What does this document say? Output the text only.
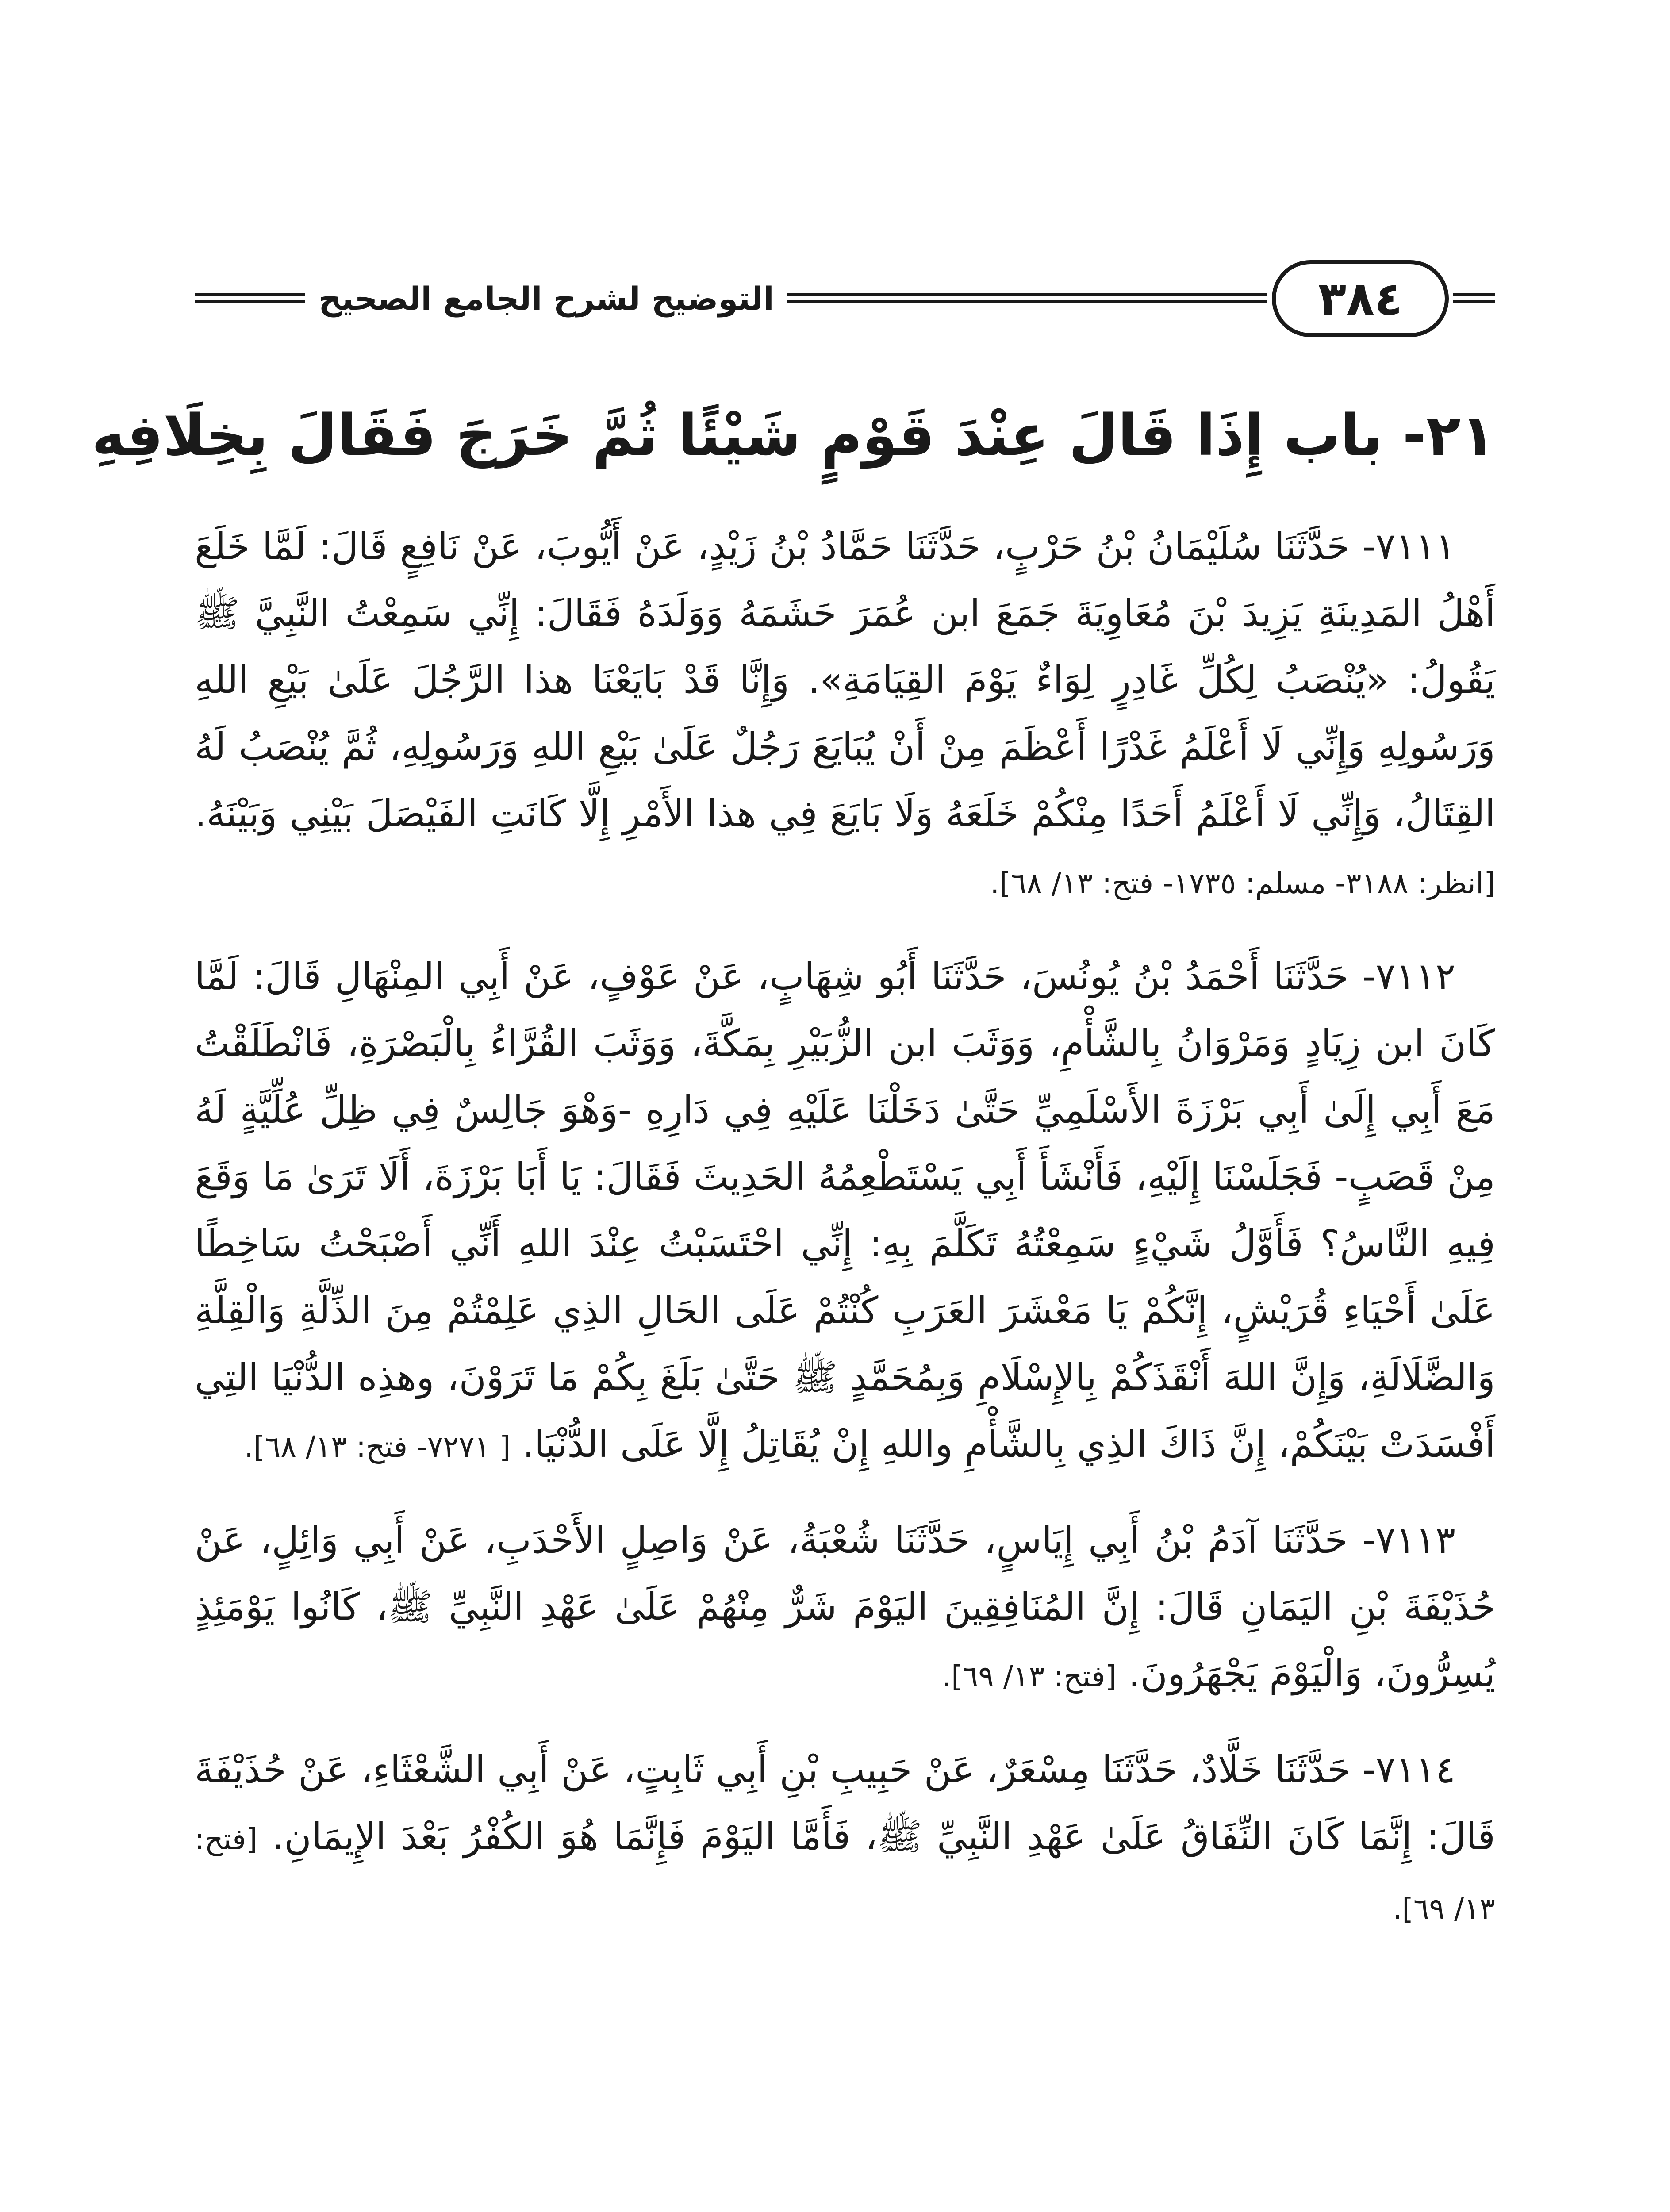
التوضيح لشرح الجامع الصحيح	٣٨٤
٢١- باب إِذَا قَالَ عِنْدَ قَوْمٍ شَيْئًا ثُمَّ خَرَجَ فَقَالَ بِخِلَافِهِ

٧١١١- حَدَّثَنَا سُلَيْمَانُ بْنُ حَرْبٍ، حَدَّثَنَا حَمَّادُ بْنُ زَيْدٍ، عَنْ أَيُّوبَ، عَنْ نَافِعٍ قَالَ: لَمَّا خَلَعَ أَهْلُ المَدِينَةِ يَزِيدَ بْنَ مُعَاوِيَةَ جَمَعَ ابن عُمَرَ حَشَمَهُ وَوَلَدَهُ فَقَالَ: إِنِّي سَمِعْتُ النَّبِيَّ ﷺ يَقُولُ: «يُنْصَبُ لِكُلِّ غَادِرٍ لِوَاءٌ يَوْمَ القِيَامَةِ». وَإِنَّا قَدْ بَايَعْنَا هذا الرَّجُلَ عَلَىٰ بَيْعِ اللهِ وَرَسُولِهِ وَإِنِّي لَا أَعْلَمُ غَدْرًا أَعْظَمَ مِنْ أَنْ يُبَايَعَ رَجُلٌ عَلَىٰ بَيْعِ اللهِ وَرَسُولِهِ، ثُمَّ يُنْصَبُ لَهُ القِتَالُ، وَإِنِّي لَا أَعْلَمُ أَحَدًا مِنْكُمْ خَلَعَهُ وَلَا بَايَعَ فِي هذا الأَمْرِ إِلَّا كَانَتِ الفَيْصَلَ بَيْنِي وَبَيْنَهُ. [انظر: ٣١٨٨- مسلم: ١٧٣٥- فتح: ١٣/ ٦٨].

٧١١٢- حَدَّثَنَا أَحْمَدُ بْنُ يُونُسَ، حَدَّثَنَا أَبُو شِهَابٍ، عَنْ عَوْفٍ، عَنْ أَبِي المِنْهَالِ قَالَ: لَمَّا كَانَ ابن زِيَادٍ وَمَرْوَانُ بِالشَّأْمِ، وَوَثَبَ ابن الزُّبَيْرِ بِمَكَّةَ، وَوَثَبَ القُرَّاءُ بِالْبَصْرَةِ، فَانْطَلَقْتُ مَعَ أَبِي إِلَىٰ أَبِي بَرْزَةَ الأَسْلَمِيِّ حَتَّىٰ دَخَلْنَا عَلَيْهِ فِي دَارِهِ -وَهْوَ جَالِسٌ فِي ظِلِّ عُلِّيَّةٍ لَهُ مِنْ قَصَبٍ- فَجَلَسْنَا إِلَيْهِ، فَأَنْشَأَ أَبِي يَسْتَطْعِمُهُ الحَدِيثَ فَقَالَ: يَا أَبَا بَرْزَةَ، أَلَا تَرَىٰ مَا وَقَعَ فِيهِ النَّاسُ؟ فَأَوَّلُ شَيْءٍ سَمِعْتُهُ تَكَلَّمَ بِهِ: إِنِّي احْتَسَبْتُ عِنْدَ اللهِ أَنِّي أَصْبَحْتُ سَاخِطًا عَلَىٰ أَحْيَاءِ قُرَيْشٍ، إِنَّكُمْ يَا مَعْشَرَ العَرَبِ كُنْتُمْ عَلَى الحَالِ الذِي عَلِمْتُمْ مِنَ الذِّلَّةِ وَالْقِلَّةِ وَالضَّلَالَةِ، وَإِنَّ اللهَ أَنْقَذَكُمْ بِالإِسْلَامِ وَبِمُحَمَّدٍ ﷺ حَتَّىٰ بَلَغَ بِكُمْ مَا تَرَوْنَ، وهذِه الدُّنْيَا التِي أَفْسَدَتْ بَيْنَكُمْ، إِنَّ ذَاكَ الذِي بِالشَّأْمِ واللهِ إِنْ يُقَاتِلُ إِلَّا عَلَى الدُّنْيَا. [ ٧٢٧١- فتح: ١٣/ ٦٨].

٧١١٣- حَدَّثَنَا آدَمُ بْنُ أَبِي إِيَاسٍ، حَدَّثَنَا شُعْبَةُ، عَنْ وَاصِلٍ الأَحْدَبِ، عَنْ أَبِي وَائِلٍ، عَنْ حُذَيْفَةَ بْنِ اليَمَانِ قَالَ: إِنَّ المُنَافِقِينَ اليَوْمَ شَرٌّ مِنْهُمْ عَلَىٰ عَهْدِ النَّبِيِّ ﷺ، كَانُوا يَوْمَئِذٍ يُسِرُّونَ، وَالْيَوْمَ يَجْهَرُونَ. [فتح: ١٣/ ٦٩].

٧١١٤- حَدَّثَنَا خَلَّادٌ، حَدَّثَنَا مِسْعَرٌ، عَنْ حَبِيبِ بْنِ أَبِي ثَابِتٍ، عَنْ أَبِي الشَّعْثَاءِ، عَنْ حُذَيْفَةَ قَالَ: إِنَّمَا كَانَ النِّفَاقُ عَلَىٰ عَهْدِ النَّبِيِّ ﷺ، فَأَمَّا اليَوْمَ فَإِنَّمَا هُوَ الكُفْرُ بَعْدَ الإِيمَانِ. [فتح: ١٣/ ٦٩].
